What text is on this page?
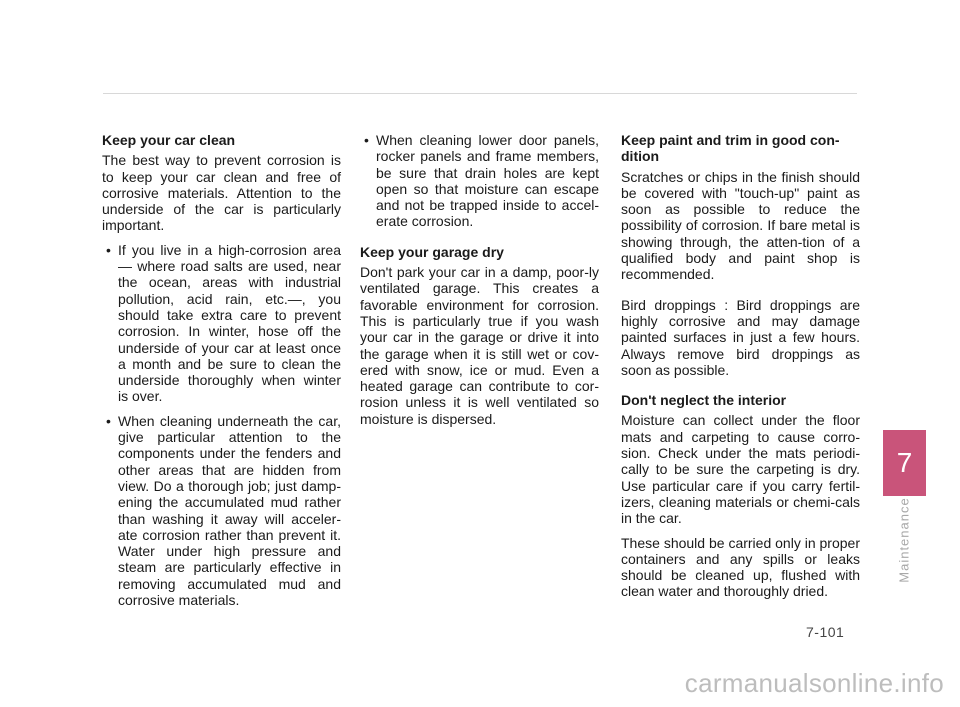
Keep your car clean

The best way to prevent corrosion is to keep your car clean and free of corrosive materials. Attention to the underside of the car is particularly important.

• If you live in a high-corrosion area — where road salts are used, near the ocean, areas with industrial pollution, acid rain, etc.—, you should take extra care to prevent corrosion. In winter, hose off the underside of your car at least once a month and be sure to clean the underside thoroughly when winter is over.
• When cleaning underneath the car, give particular attention to the components under the fenders and other areas that are hidden from view. Do a thorough job; just damp-ening the accumulated mud rather than washing it away will acceler-ate corrosion rather than prevent it. Water under high pressure and steam are particularly effective in removing accumulated mud and corrosive materials.
• When cleaning lower door panels, rocker panels and frame members, be sure that drain holes are kept open so that moisture can escape and not be trapped inside to accel-erate corrosion.
Keep your garage dry

Don't park your car in a damp, poor-ly ventilated garage. This creates a favorable environment for corrosion. This is particularly true if you wash your car in the garage or drive it into the garage when it is still wet or cov-ered with snow, ice or mud. Even a heated garage can contribute to cor-rosion unless it is well ventilated so moisture is dispersed.

Keep paint and trim in good con-dition

Scratches or chips in the finish should be covered with "touch-up" paint as soon as possible to reduce the possibility of corrosion. If bare metal is showing through, the atten-tion of a qualified body and paint shop is recommended.

Bird droppings : Bird droppings are highly corrosive and may damage painted surfaces in just a few hours. Always remove bird droppings as soon as possible.

Don't neglect the interior

Moisture can collect under the floor mats and carpeting to cause corro-sion. Check under the mats periodi-cally to be sure the carpeting is dry. Use particular care if you carry fertil-izers, cleaning materials or chemi-cals in the car.

These should be carried only in proper containers and any spills or leaks should be cleaned up, flushed with clean water and thoroughly dried.

7
Maintenance
7-101
carmanualsonline.info
